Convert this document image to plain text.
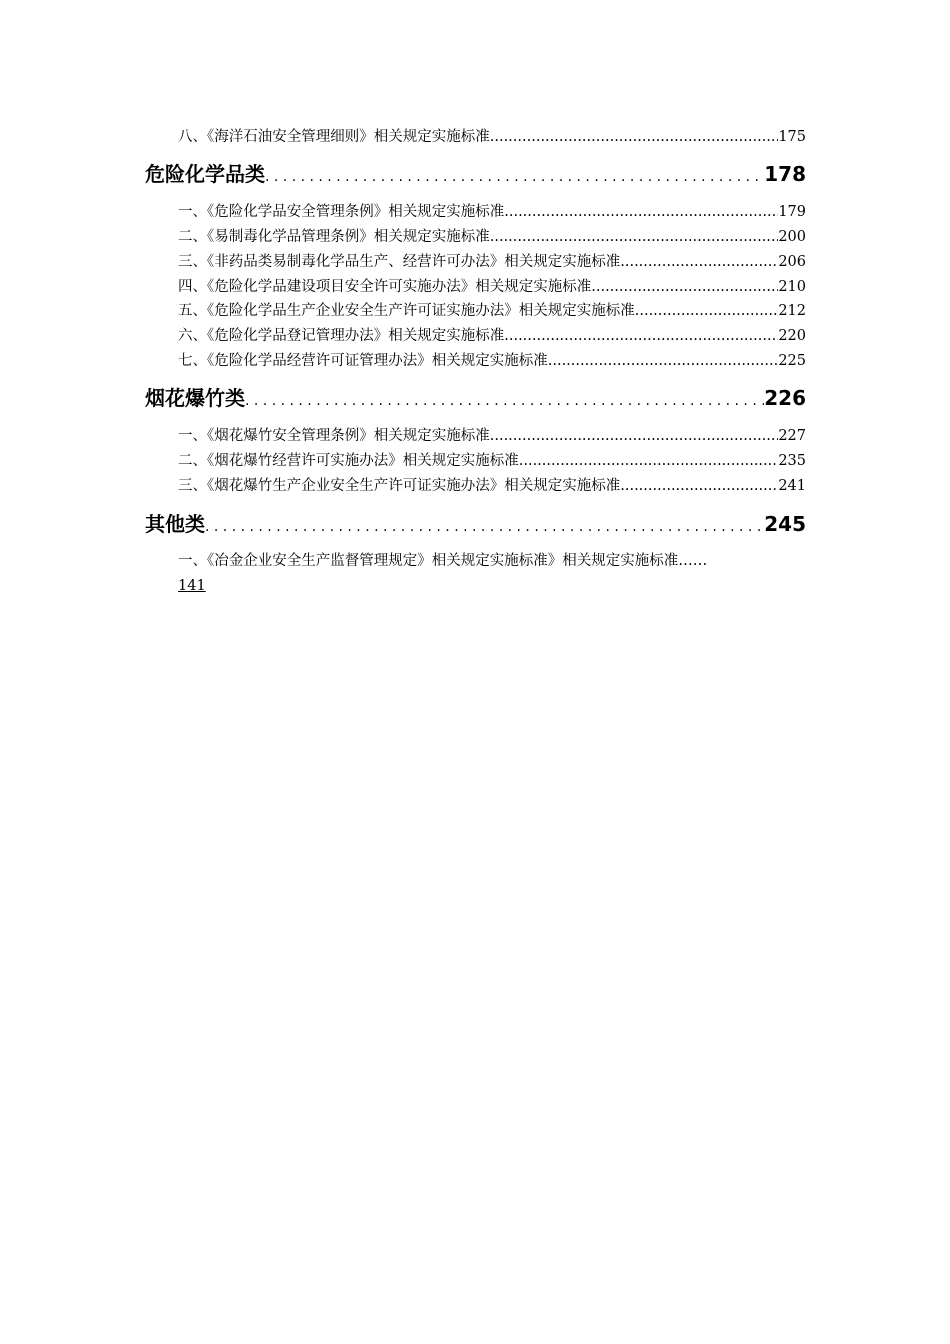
八、《海洋石油安全管理细则》相关规定实施标准 .....	175
危险化学品类 . . .	178
一、《危险化学品安全管理条例》相关规定实施标准 .....	179
二、《易制毒化学品管理条例》相关规定实施标准 .....	200
三、《非药品类易制毒化学品生产、经营许可办法》相关规定实施标准 .....	206
四、《危险化学品建设项目安全许可实施办法》相关规定实施标准 .....	210
五、《危险化学品生产企业安全生产许可证实施办法》相关规定实施标准 .....	212
六、《危险化学品登记管理办法》相关规定实施标准 .....	220
七、《危险化学品经营许可证管理办法》相关规定实施标准 .....	225
烟花爆竹类 . . .	226
一、《烟花爆竹安全管理条例》相关规定实施标准 .....	227
二、《烟花爆竹经营许可实施办法》相关规定实施标准 .....	235
三、《烟花爆竹生产企业安全生产许可证实施办法》相关规定实施标准 .....	241
其他类 . . .	245
一、《冶金企业安全生产监督管理规定》相关规定实施标准》相关规定实施标准……
141
